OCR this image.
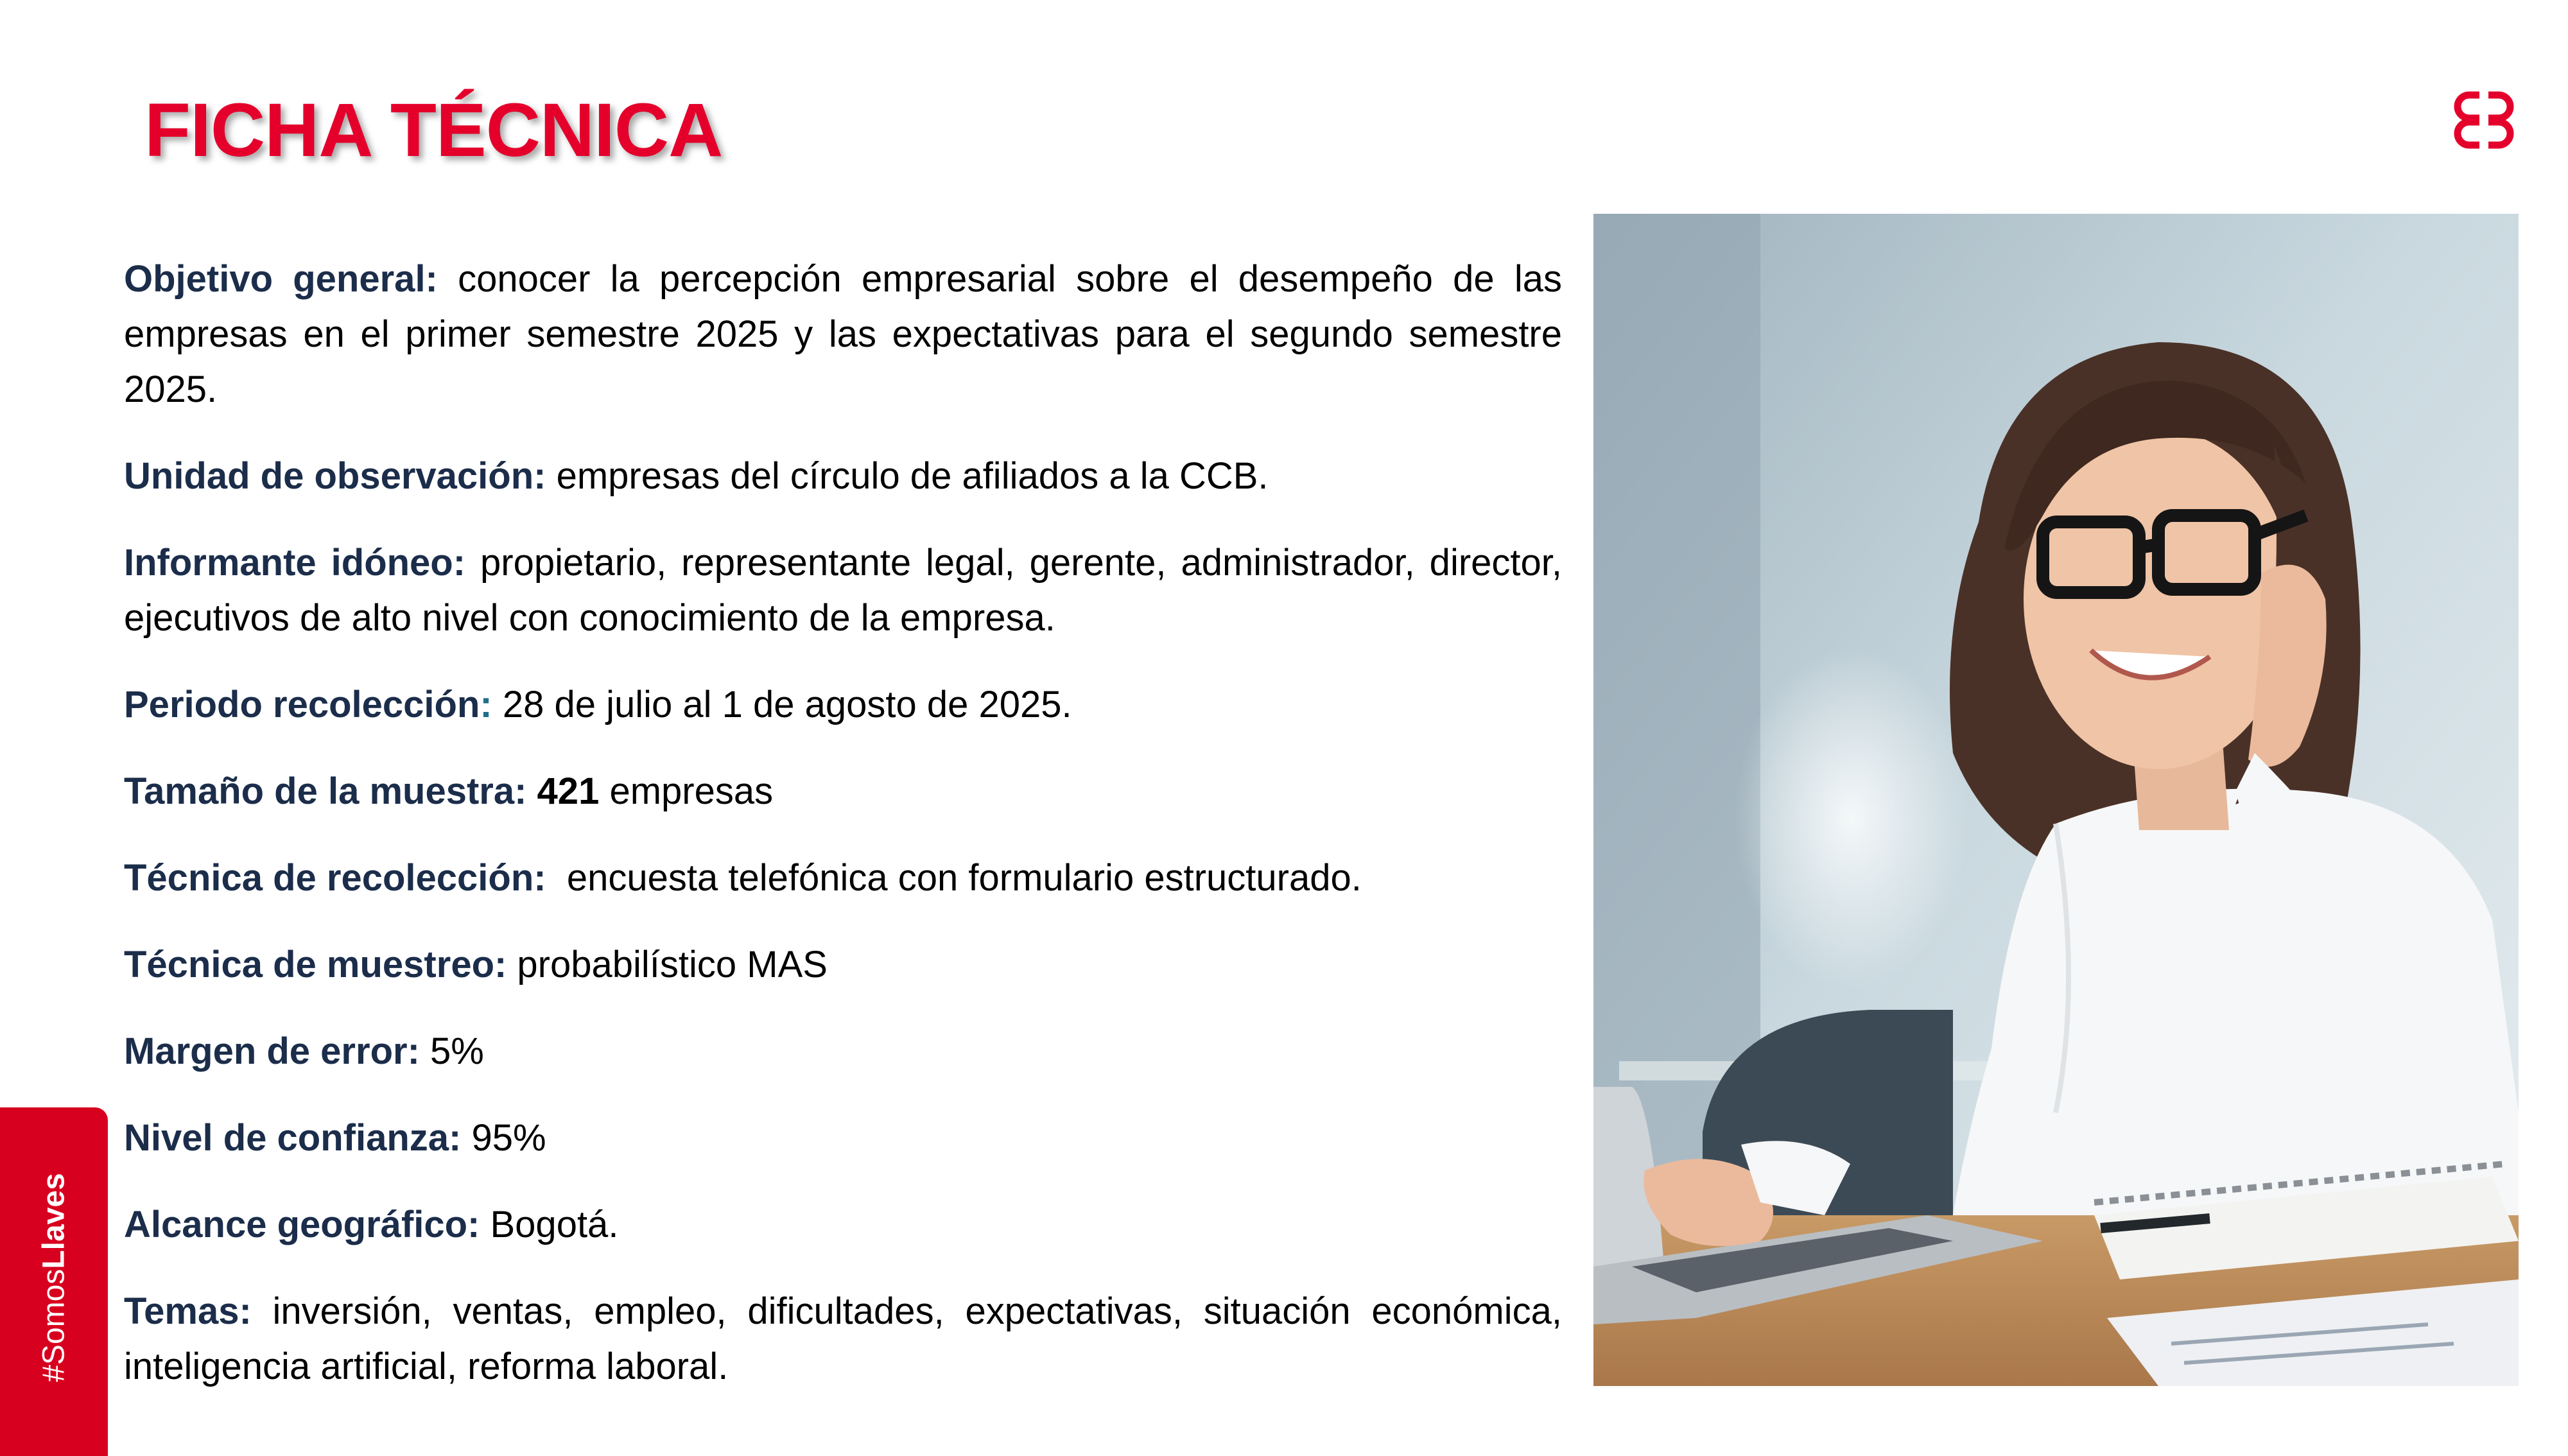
FICHA TÉCNICA

Objetivo general: conocer la percepción empresarial sobre el desempeño de las empresas en el primer semestre 2025 y las expectativas para el segundo semestre 2025.

Unidad de observación: empresas del círculo de afiliados a la CCB.

Informante idóneo: propietario, representante legal, gerente, administrador, director, ejecutivos de alto nivel con conocimiento de la empresa.

Periodo recolección: 28 de julio al 1 de agosto de 2025.

Tamaño de la muestra: 421 empresas

Técnica de recolección:  encuesta telefónica con formulario estructurado.

Técnica de muestreo: probabilístico MAS

Margen de error: 5%

Nivel de confianza: 95%

Alcance geográfico: Bogotá.

Temas: inversión, ventas, empleo, dificultades, expectativas, situación económica, inteligencia artificial, reforma laboral.

#SomosLlaves
